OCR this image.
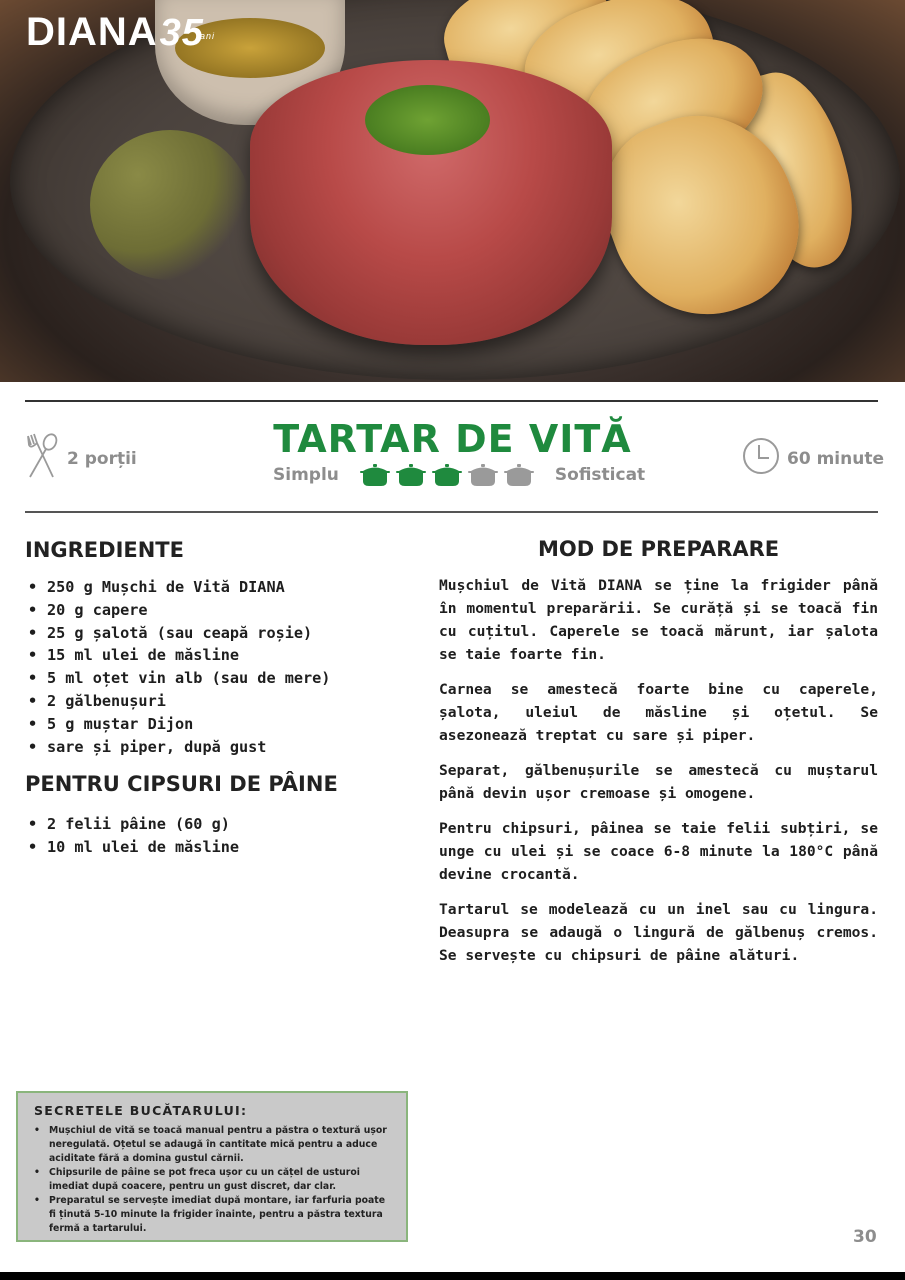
DIANA35ani
2 porții	TARTAR DE VITĂ
Simplu	Sofisticat
60 minute
INGREDIENTE
• 250 g Mușchi de Vită DIANA
• 20 g capere
• 25 g șalotă (sau ceapă roșie)
• 15 ml ulei de măsline
• 5 ml oțet vin alb (sau de mere)
• 2 gălbenușuri
• 5 g muștar Dijon
• sare și piper, după gust
PENTRU CIPSURI DE PÂINE
• 2 felii pâine (60 g)
• 10 ml ulei de măsline
MOD DE PREPARARE

Mușchiul de Vită DIANA se ține la frigider până în momentul preparării. Se curăță și se toacă fin cu cuțitul. Caperele se toacă mărunt, iar șalota se taie foarte fin.

Carnea se amestecă foarte bine cu caperele, șalota, uleiul de măsline și oțetul. Se asezonează treptat cu sare și piper.

Separat, gălbenușurile se amestecă cu muștarul până devin ușor cremoase și omogene.

Pentru chipsuri, pâinea se taie felii subțiri, se unge cu ulei și se coace 6-8 minute la 180°C până devine crocantă.

Tartarul se modelează cu un inel sau cu lingura. Deasupra se adaugă o lingură de gălbenuș cremos. Se servește cu chipsuri de pâine alături.

SECRETELE BUCĂTARULUI:
• Mușchiul de vită se toacă manual pentru a păstra o textură ușor neregulată. Oțetul se adaugă în cantitate mică pentru a aduce aciditate fără a domina gustul cărnii.
• Chipsurile de pâine se pot freca ușor cu un cățel de usturoi imediat după coacere, pentru un gust discret, dar clar.
• Preparatul se servește imediat după montare, iar farfuria poate fi ținută 5-10 minute la frigider înainte, pentru a păstra textura fermă a tartarului.	30
